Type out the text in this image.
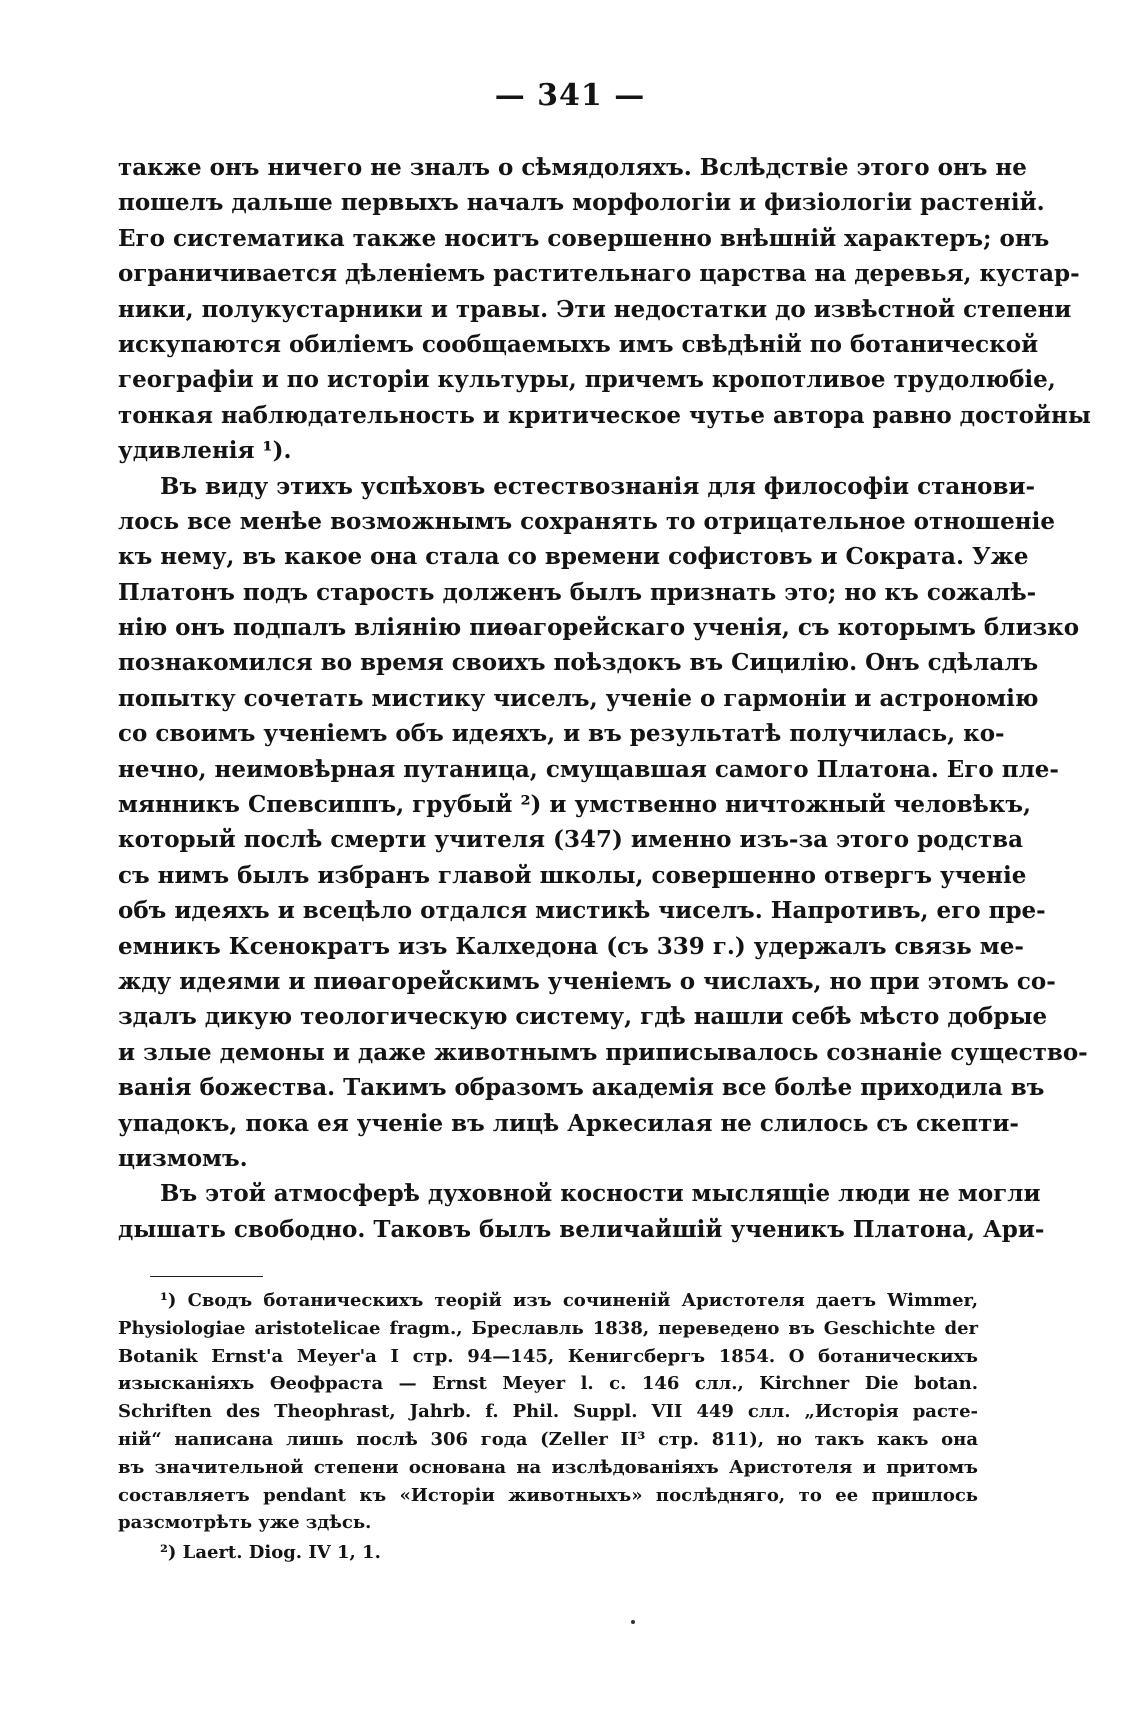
— 341 —
также онъ ничего не зналъ о сѣмядоляхъ. Вслѣдствіе этого онъ не
пошелъ дальше первыхъ началъ морфологіи и физіологіи растеній.
Его систематика также носитъ совершенно внѣшній характеръ; онъ
ограничивается дѣленіемъ растительнаго царства на деревья, кустар-
ники, полукустарники и травы. Эти недостатки до извѣстной степени
искупаются обиліемъ сообщаемыхъ имъ свѣдѣній по ботанической
географіи и по исторіи культуры, причемъ кропотливое трудолюбіе,
тонкая наблюдательность и критическое чутье автора равно достойны
удивленія ¹).
Въ виду этихъ успѣховъ естествознанія для философіи станови-
лось все менѣе возможнымъ сохранять то отрицательное отношеніе
къ нему, въ какое она стала со времени софистовъ и Сократа. Уже
Платонъ подъ старость долженъ былъ признать это; но къ сожалѣ-
нію онъ подпалъ вліянію пиѳагорейскаго ученія, съ которымъ близко
познакомился во время своихъ поѣздокъ въ Сицилію. Онъ сдѣлалъ
попытку сочетать мистику чиселъ, ученіе о гармоніи и астрономію
со своимъ ученіемъ объ идеяхъ, и въ результатѣ получилась, ко-
нечно, неимовѣрная путаница, смущавшая самого Платона. Его пле-
мянникъ Спевсиппъ, грубый ²) и умственно ничтожный человѣкъ,
который послѣ смерти учителя (347) именно изъ-за этого родства
съ нимъ былъ избранъ главой школы, совершенно отвергъ ученіе
объ идеяхъ и всецѣло отдался мистикѣ чиселъ. Напротивъ, его пре-
емникъ Ксенократъ изъ Калхедона (съ 339 г.) удержалъ связь ме-
жду идеями и пиѳагорейскимъ ученіемъ о числахъ, но при этомъ со-
здалъ дикую теологическую систему, гдѣ нашли себѣ мѣсто добрые
и злые демоны и даже животнымъ приписывалось сознаніе существо-
ванія божества. Такимъ образомъ академія все болѣе приходила въ
упадокъ, пока ея ученіе въ лицѣ Аркесилая не слилось съ скепти-
цизмомъ.
Въ этой атмосферѣ духовной косности мыслящіе люди не могли
дышать свободно. Таковъ былъ величайшій ученикъ Платона, Ари-
¹) Сводъ ботаническихъ теорій изъ сочиненій Аристотеля даетъ Wimmer,
Physiologiae aristotelicae fragm., Бреславль 1838, переведено въ Geschichte der
Botanik Ernst'a Meyer'a I стр. 94—145, Кенигсбергъ 1854. О ботаническихъ
изысканіяхъ Ѳеофраста — Ernst Meyer l. c. 146 слл., Kirchner Die botan.
Schriften des Theophrast, Jahrb. f. Phil. Suppl. VII 449 слл. „Исторія расте-
ній“ написана лишь послѣ 306 года (Zeller II³ стр. 811), но такъ какъ она
въ значительной степени основана на изслѣдованіяхъ Аристотеля и притомъ
составляетъ pendant къ «Исторіи животныхъ» послѣдняго, то ее пришлось
разсмотрѣть уже здѣсь.
²) Laert. Diog. IV 1, 1.
